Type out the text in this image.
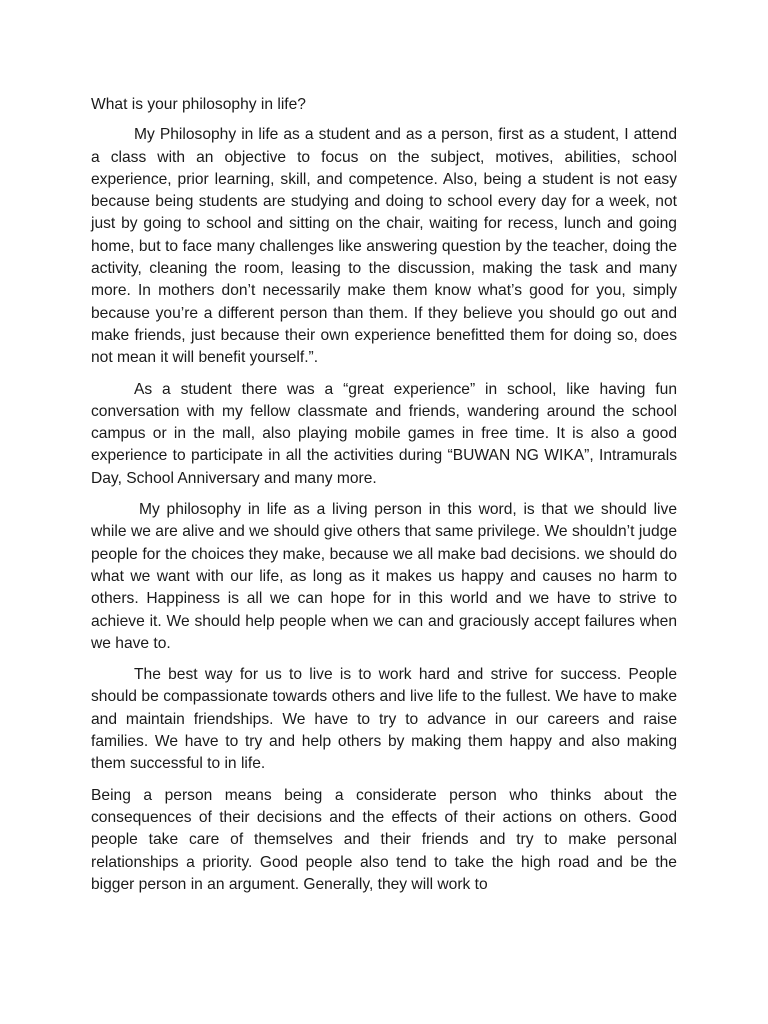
What is your philosophy in life?

My Philosophy in life as a student and as a person, first as a student, I attend a class with an objective to focus on the subject, motives, abilities, school experience, prior learning, skill, and competence. Also, being a student is not easy because being students are studying and doing to school every day for a week, not just by going to school and sitting on the chair, waiting for recess, lunch and going home, but to face many challenges like answering question by the teacher, doing the activity, cleaning the room, leasing to the discussion, making the task and many more. In mothers don’t necessarily make them know what’s good for you, simply because you’re a different person than them. If they believe you should go out and make friends, just because their own experience benefitted them for doing so, does not mean it will benefit yourself.”.

As a student there was a “great experience” in school, like having fun conversation with my fellow classmate and friends, wandering around the school campus or in the mall, also playing mobile games in free time. It is also a good experience to participate in all the activities during “BUWAN NG WIKA”, Intramurals Day, School Anniversary and many more.

My philosophy in life as a living person in this word, is that we should live while we are alive and we should give others that same privilege. We shouldn’t judge people for the choices they make, because we all make bad decisions. we should do what we want with our life, as long as it makes us happy and causes no harm to others. Happiness is all we can hope for in this world and we have to strive to achieve it. We should help people when we can and graciously accept failures when we have to.

The best way for us to live is to work hard and strive for success. People should be compassionate towards others and live life to the fullest. We have to make and maintain friendships. We have to try to advance in our careers and raise families. We have to try and help others by making them happy and also making them successful to in life.

Being a person means being a considerate person who thinks about the consequences of their decisions and the effects of their actions on others. Good people take care of themselves and their friends and try to make personal relationships a priority. Good people also tend to take the high road and be the bigger person in an argument. Generally, they will work to
